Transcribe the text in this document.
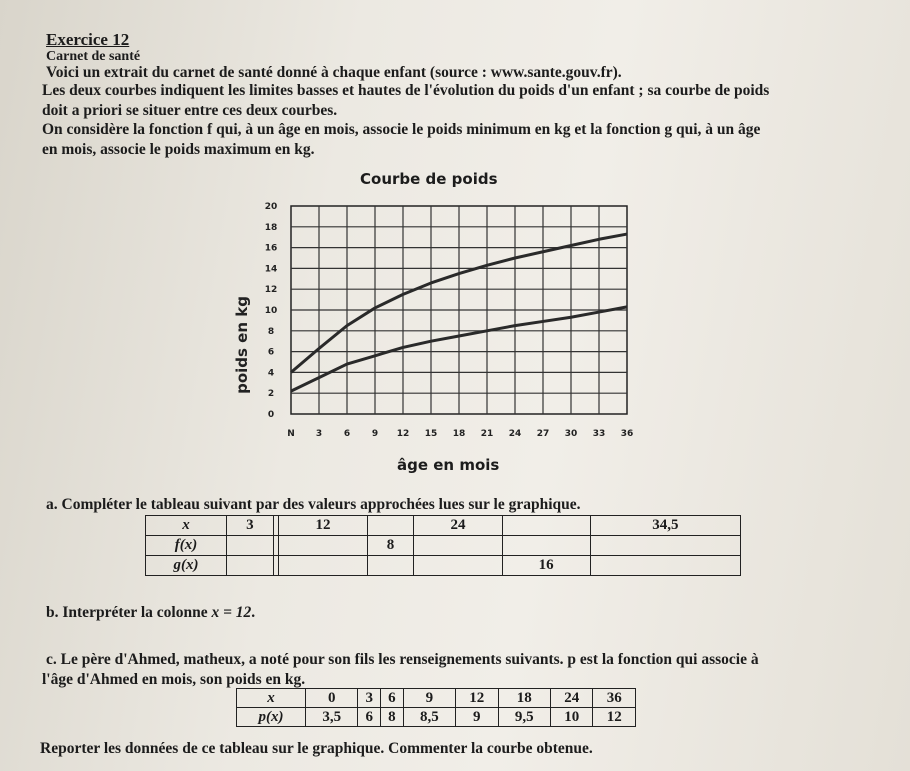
Exercice 12
Carnet de santé
Voici un extrait du carnet de santé donné à chaque enfant (source : www.sante.gouv.fr).
Les deux courbes indiquent les limites basses et hautes de l'évolution du poids d'un enfant ; sa courbe de poids
doit a priori se situer entre ces deux courbes.
On considère la fonction f qui, à un âge en mois, associe le poids minimum en kg et la fonction g qui, à un âge
en mois, associe le poids maximum en kg.
Courbe de poids
poids en kg
0
2
4
6
8
10
12
14
16
18
20
N 3 6 9 12 15 18 21 24 27 30 33 36
âge en mois
a. Compléter le tableau suivant par des valeurs approchées lues sur le graphique.
x	3		12		24		34,5
f(x)				8			
g(x)						16	
b. Interpréter la colonne x = 12.
c. Le père d'Ahmed, matheux, a noté pour son fils les renseignements suivants. p est la fonction qui associe à
l'âge d'Ahmed en mois, son poids en kg.
x	0	3	6	9	12	18	24	36
p(x)	3,5	6	8	8,5	9	9,5	10	12
Reporter les données de ce tableau sur le graphique. Commenter la courbe obtenue.
